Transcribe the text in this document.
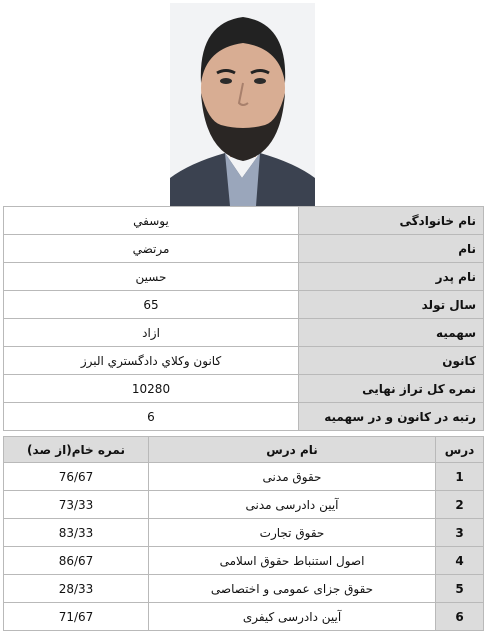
نام خانوادگی	يوسفي
نام	مرتضي
نام پدر	حسين
سال تولد	65
سهمیه	ازاد
کانون	كانون وكلاي دادگستري البرز
نمره کل تراز نهایی	10280
رتبه در کانون و در سهمیه	6
درس	نام درس	نمره خام(از صد)
1	حقوق مدنی	76/67
2	آیین دادرسی مدنی	73/33
3	حقوق تجارت	83/33
4	اصول استنباط حقوق اسلامی	86/67
5	حقوق جزای عمومی و اختصاصی	28/33
6	آیین دادرسی کیفری	71/67
